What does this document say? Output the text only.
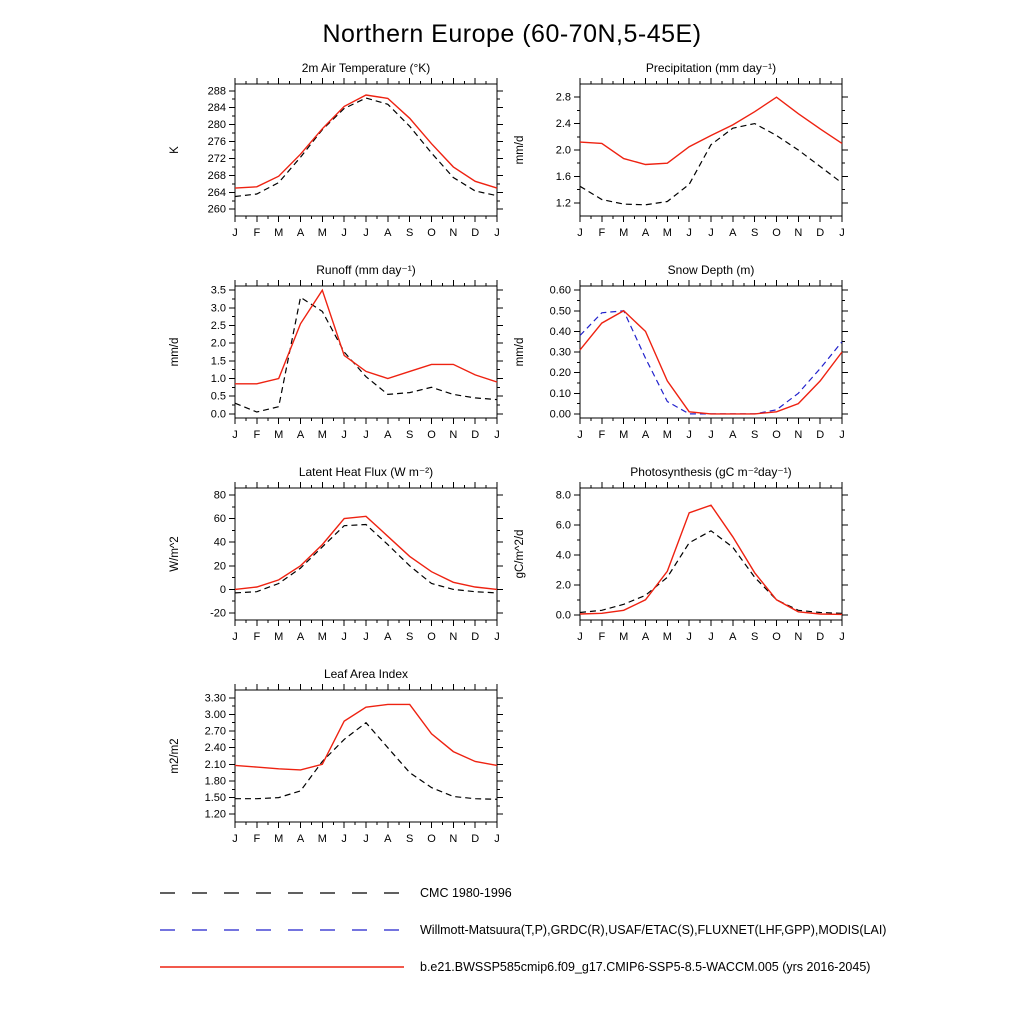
Northern Europe (60-70N,5-45E)
2m Air Temperature (°K)
260
264
268
272
276
280
284
288
J F M A M J J A S O N D J
K
Precipitation (mm day⁻¹)
1.2
1.6
2.0
2.4
2.8
J F M A M J J A S O N D J
mm/d
Runoff (mm day⁻¹)
0.0
0.5
1.0
1.5
2.0
2.5
3.0
3.5
J F M A M J J A S O N D J
mm/d
Snow Depth (m)
0.00
0.10
0.20
0.30
0.40
0.50
0.60
J F M A M J J A S O N D J
mm/d
Latent Heat Flux (W m⁻²)
-20
0
20
40
60
80
J F M A M J J A S O N D J
W/m^2
Photosynthesis (gC m⁻²day⁻¹)
0.0
2.0
4.0
6.0
8.0
J F M A M J J A S O N D J
gC/m^2/d
Leaf Area Index
1.20
1.50
1.80
2.10
2.40
2.70
3.00
3.30
J F M A M J J A S O N D J
m2/m2
CMC 1980-1996
Willmott-Matsuura(T,P),GRDC(R),USAF/ETAC(S),FLUXNET(LHF,GPP),MODIS(LAI)
b.e21.BWSSP585cmip6.f09_g17.CMIP6-SSP5-8.5-WACCM.005 (yrs 2016-2045)
